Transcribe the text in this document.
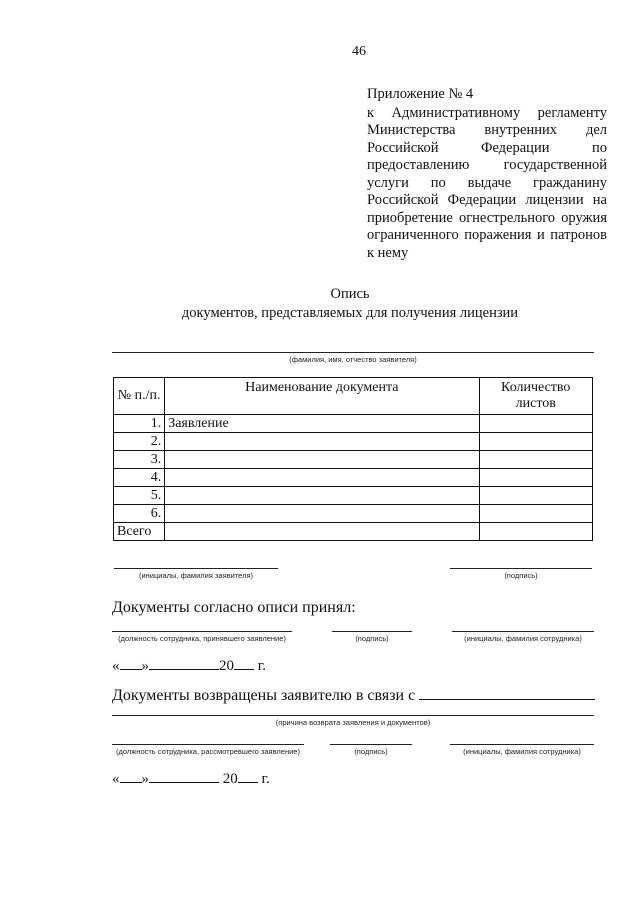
46
Приложение № 4
к Административному регламенту Министерства внутренних дел Российской Федерации по предоставлению государственной услуги по выдаче гражданину Российской Федерации лицензии на приобретение огнестрельного оружия ограниченного поражения и патронов к нему
Опись
документов, представляемых для получения лицензии
(фамилия, имя, отчество заявителя)
№ п./п.	Наименование документа	Количество листов
1.	Заявление	
2.		
3.		
4.		
5.		
6.		
Всего		
(инициалы, фамилия заявителя)	(подпись)
Документы согласно описи принял:
(должность сотрудника, принявшего заявление)	(подпись)	(инициалы, фамилия сотрудника)
« »	20 г.
Документы возвращены заявителю в связи с
(причина возврата заявления и документов)
(должность сотрудника, рассмотревшего заявление)	(подпись)	(инициалы, фамилия сотрудника)
« »	20 г.
